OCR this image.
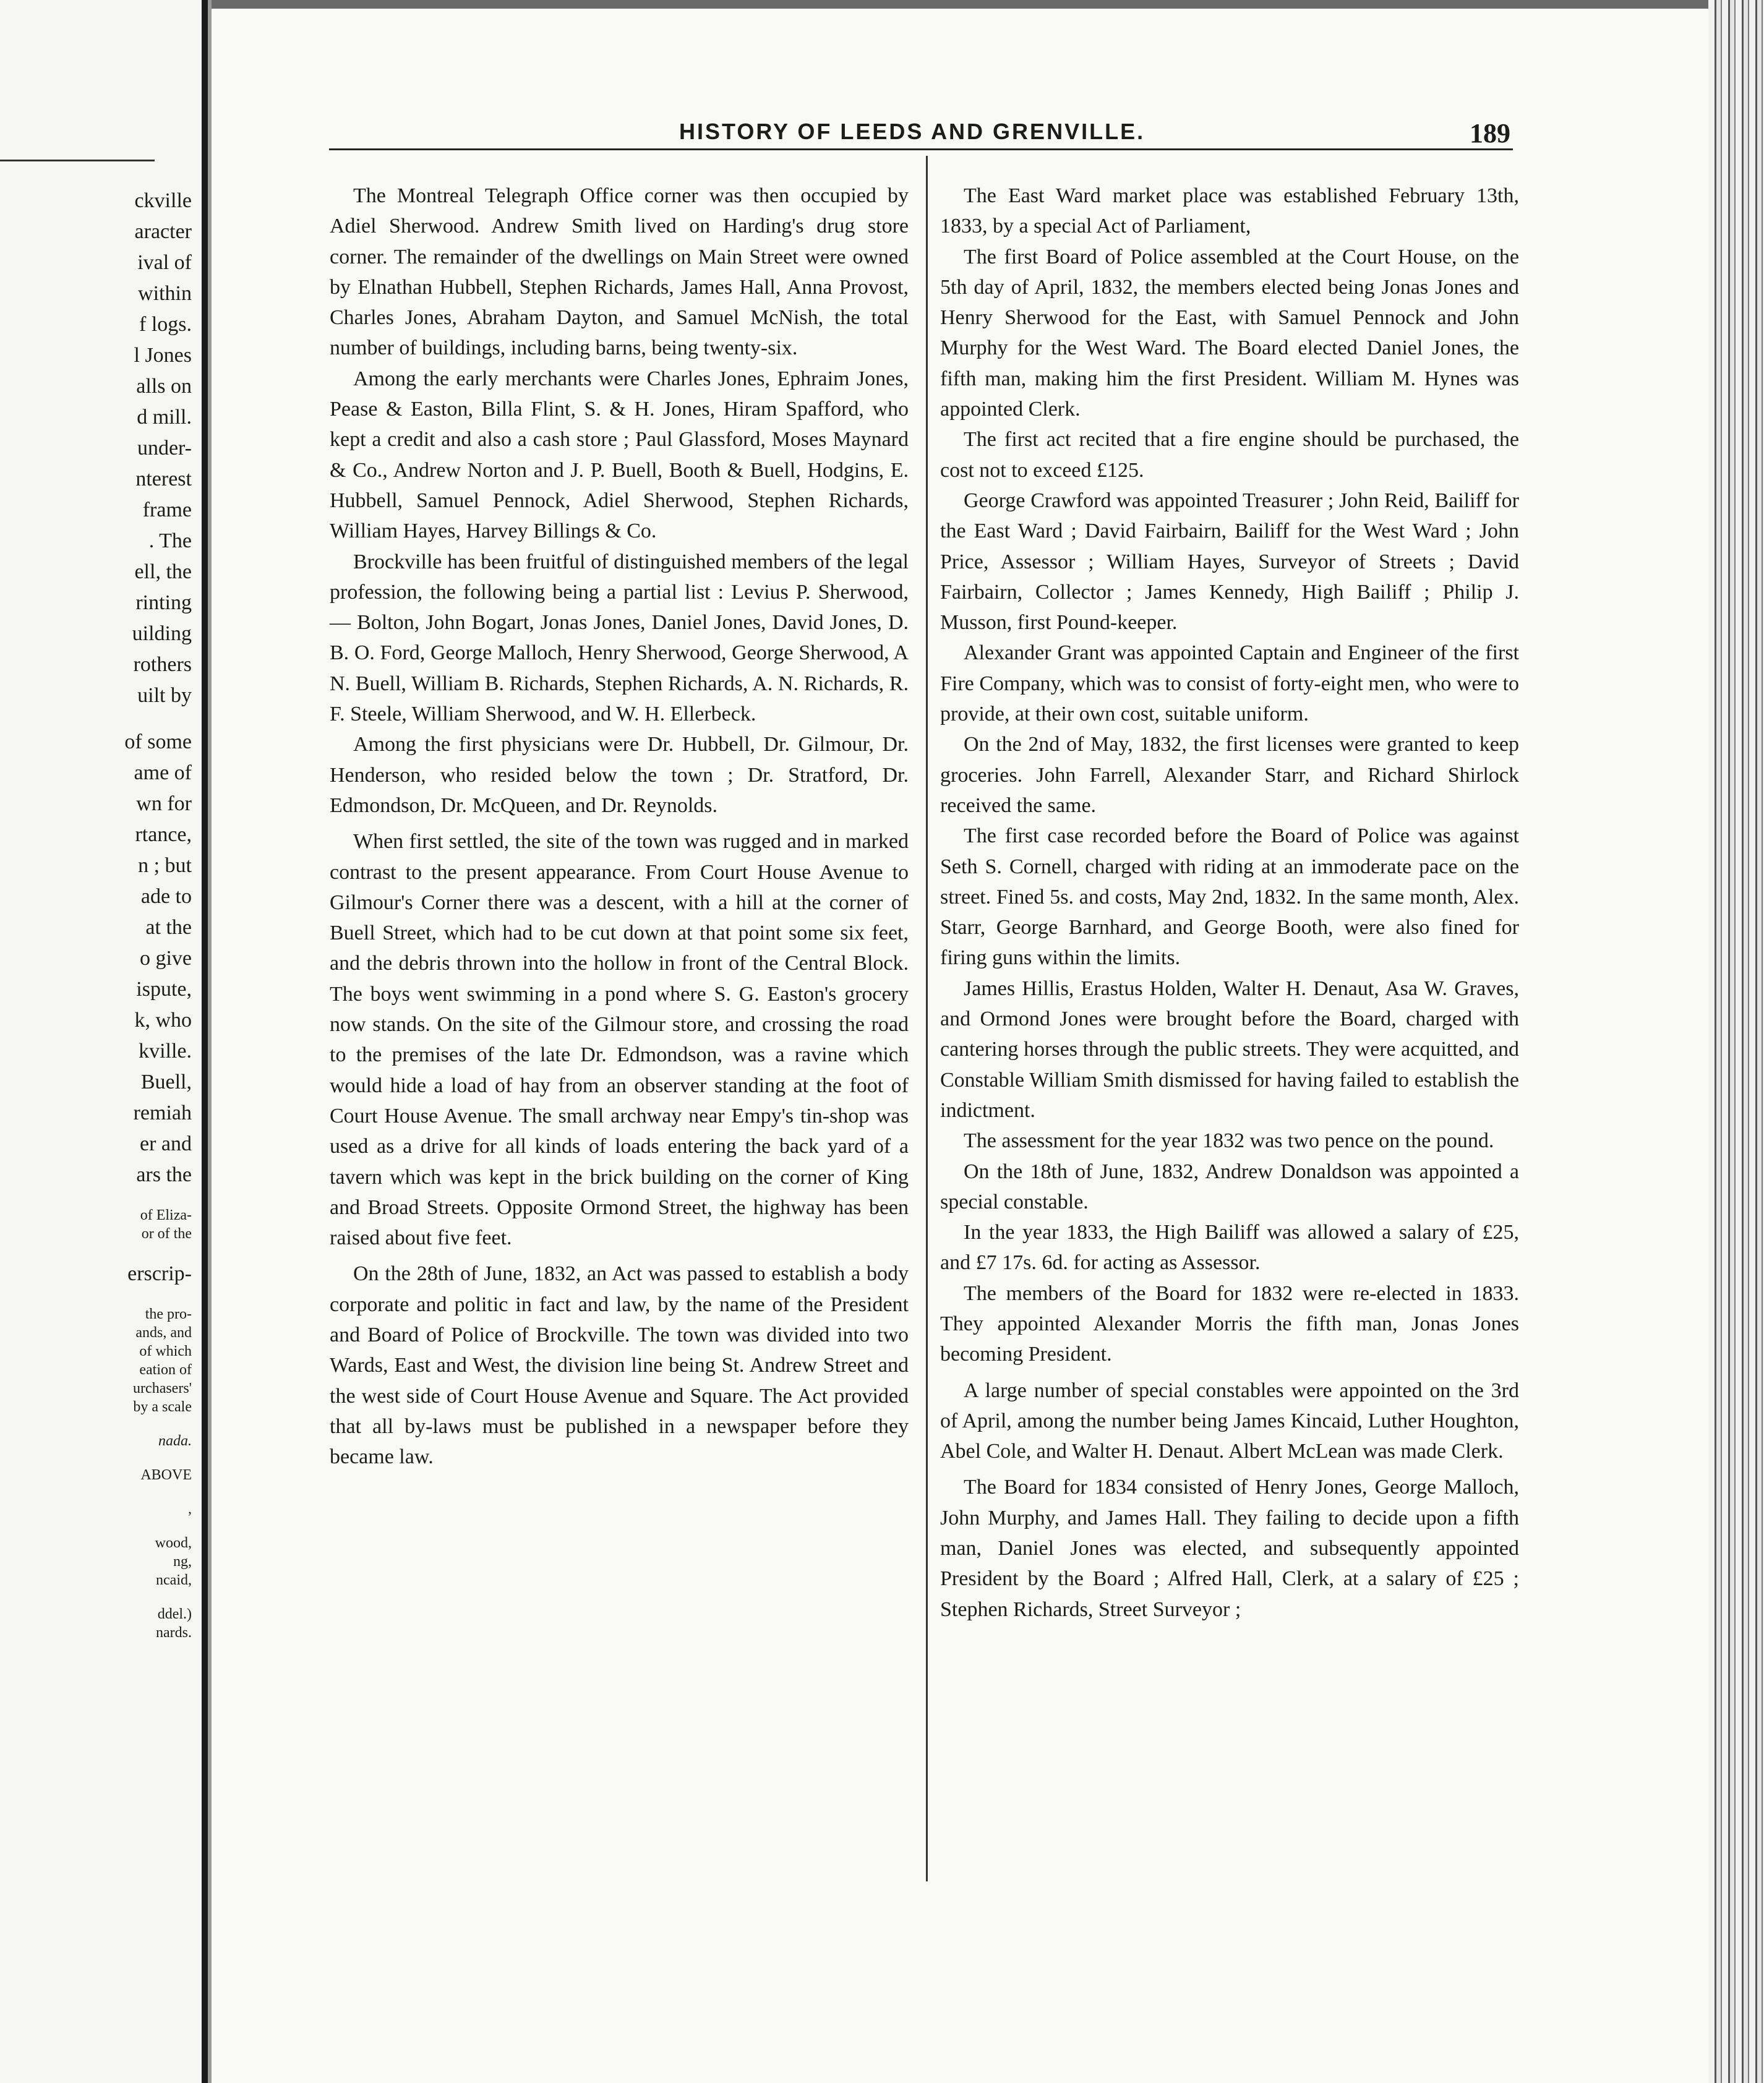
ckville
aracter
ival of
within
f logs.
l Jones
alls on
d mill.
under-
nterest
frame
. The
ell, the
rinting
uilding
rothers
uilt by
of some
ame of
wn for
rtance,
n ; but
ade to
at the
o give
ispute,
k, who
kville.
Buell,
remiah
er and
ars the
of Eliza-
or of the
erscrip-
the pro-
ands, and
of which
eation of
urchasers'
by a scale
nada.
ABOVE
,
wood,
ng,
ncaid,
ddel.)
nards.
HISTORY OF LEEDS AND GRENVILLE.	189

The Montreal Telegraph Office corner was then occupied by Adiel Sherwood. Andrew Smith lived on Harding's drug store corner. The remainder of the dwellings on Main Street were owned by Elnathan Hubbell, Stephen Richards, James Hall, Anna Provost, Charles Jones, Abraham Dayton, and Samuel McNish, the total number of buildings, including barns, being twenty-six.

Among the early merchants were Charles Jones, Ephraim Jones, Pease & Easton, Billa Flint, S. & H. Jones, Hiram Spafford, who kept a credit and also a cash store ; Paul Glassford, Moses Maynard & Co., Andrew Norton and J. P. Buell, Booth & Buell, Hodgins, E. Hubbell, Samuel Pennock, Adiel Sherwood, Stephen Richards, William Hayes, Harvey Billings & Co.

Brockville has been fruitful of distinguished members of the legal profession, the following being a partial list : Levius P. Sherwood, — Bolton, John Bogart, Jonas Jones, Daniel Jones, David Jones, D. B. O. Ford, George Malloch, Henry Sherwood, George Sherwood, A N. Buell, William B. Richards, Stephen Richards, A. N. Richards, R. F. Steele, William Sherwood, and W. H. Ellerbeck.

Among the first physicians were Dr. Hubbell, Dr. Gilmour, Dr. Henderson, who resided below the town ; Dr. Stratford, Dr. Edmondson, Dr. McQueen, and Dr. Reynolds.

When first settled, the site of the town was rugged and in marked contrast to the present appearance. From Court House Avenue to Gilmour's Corner there was a descent, with a hill at the corner of Buell Street, which had to be cut down at that point some six feet, and the debris thrown into the hollow in front of the Central Block. The boys went swimming in a pond where S. G. Easton's grocery now stands. On the site of the Gilmour store, and crossing the road to the premises of the late Dr. Edmondson, was a ravine which would hide a load of hay from an observer standing at the foot of Court House Avenue. The small archway near Empy's tin-shop was used as a drive for all kinds of loads entering the back yard of a tavern which was kept in the brick building on the corner of King and Broad Streets. Opposite Ormond Street, the highway has been raised about five feet.

On the 28th of June, 1832, an Act was passed to establish a body corporate and politic in fact and law, by the name of the President and Board of Police of Brockville. The town was divided into two Wards, East and West, the division line being St. Andrew Street and the west side of Court House Avenue and Square. The Act provided that all by-laws must be published in a newspaper before they became law.

The East Ward market place was established February 13th, 1833, by a special Act of Parliament,

The first Board of Police assembled at the Court House, on the 5th day of April, 1832, the members elected being Jonas Jones and Henry Sherwood for the East, with Samuel Pennock and John Murphy for the West Ward. The Board elected Daniel Jones, the fifth man, making him the first President. William M. Hynes was appointed Clerk.

The first act recited that a fire engine should be purchased, the cost not to exceed £125.

George Crawford was appointed Treasurer ; John Reid, Bailiff for the East Ward ; David Fairbairn, Bailiff for the West Ward ; John Price, Assessor ; William Hayes, Surveyor of Streets ; David Fairbairn, Collector ; James Kennedy, High Bailiff ; Philip J. Musson, first Pound-keeper.

Alexander Grant was appointed Captain and Engineer of the first Fire Company, which was to consist of forty-eight men, who were to provide, at their own cost, suitable uniform.

On the 2nd of May, 1832, the first licenses were granted to keep groceries. John Farrell, Alexander Starr, and Richard Shirlock received the same.

The first case recorded before the Board of Police was against Seth S. Cornell, charged with riding at an immoderate pace on the street. Fined 5s. and costs, May 2nd, 1832. In the same month, Alex. Starr, George Barnhard, and George Booth, were also fined for firing guns within the limits.

James Hillis, Erastus Holden, Walter H. Denaut, Asa W. Graves, and Ormond Jones were brought before the Board, charged with cantering horses through the public streets. They were acquitted, and Constable William Smith dismissed for having failed to establish the indictment.

The assessment for the year 1832 was two pence on the pound.

On the 18th of June, 1832, Andrew Donaldson was appointed a special constable.

In the year 1833, the High Bailiff was allowed a salary of £25, and £7 17s. 6d. for acting as Assessor.

The members of the Board for 1832 were re-elected in 1833. They appointed Alexander Morris the fifth man, Jonas Jones becoming President.

A large number of special constables were appointed on the 3rd of April, among the number being James Kincaid, Luther Houghton, Abel Cole, and Walter H. Denaut. Albert McLean was made Clerk.

The Board for 1834 consisted of Henry Jones, George Malloch, John Murphy, and James Hall. They failing to decide upon a fifth man, Daniel Jones was elected, and subsequently appointed President by the Board ; Alfred Hall, Clerk, at a salary of £25 ; Stephen Richards, Street Surveyor ;
